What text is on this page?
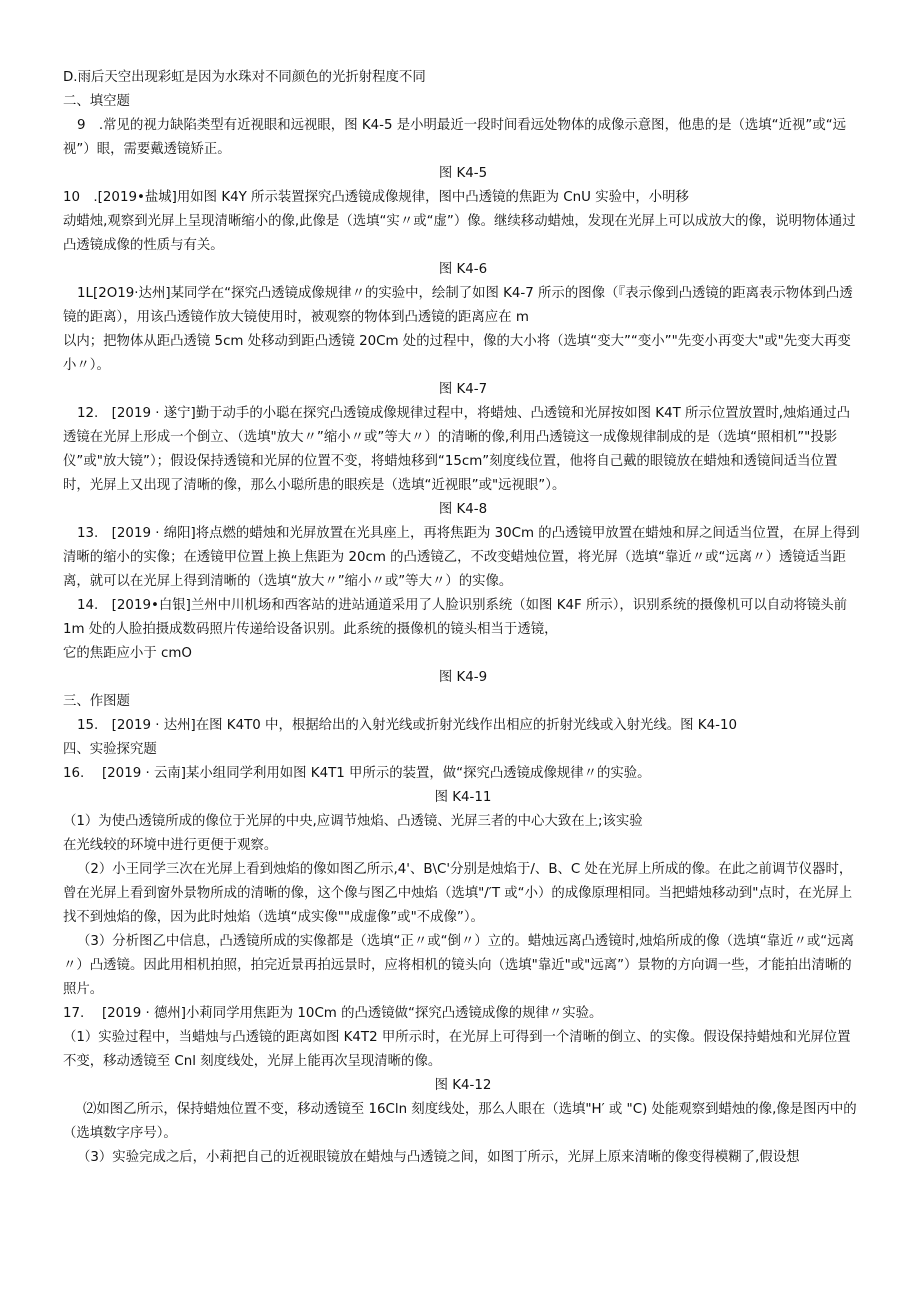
D.雨后天空出现彩虹是因为水珠对不同颜色的光折射程度不同

二、填空题

9　.常见的视力缺陷类型有近视眼和远视眼，图 K4-5 是小明最近一段时间看远处物体的成像示意图，他患的是（选填“近视”或“远视”）眼，需要戴透镜矫正。

图 K4-5

10　.[2019•盐城]用如图 K4Y 所示装置探究凸透镜成像规律，图中凸透镜的焦距为 CnU 实验中，小明移

动蜡烛,观察到光屏上呈现清晰缩小的像,此像是（选填“实〃或“虚”）像。继续移动蜡烛，发现在光屏上可以成放大的像，说明物体通过凸透镜成像的性质与有关。

图 K4-6

1L[2O19·达州]某同学在“探究凸透镜成像规律〃的实验中，绘制了如图 K4-7 所示的图像（『表示像到凸透镜的距离表示物体到凸透镜的距离），用该凸透镜作放大镜使用时，被观察的物体到凸透镜的距离应在 m

以内；把物体从距凸透镜 5cm 处移动到距凸透镜 20Cm 处的过程中，像的大小将（选填“变大”“变小”"先变小再变大"或"先变大再变小〃）。

图 K4-7

12.　[2019 · 遂宁]勤于动手的小聪在探究凸透镜成像规律过程中，将蜡烛、凸透镜和光屏按如图 K4T 所示位置放置时,烛焰通过凸透镜在光屏上形成一个倒立、（选填"放大〃”缩小〃或”等大〃）的清晰的像,利用凸透镜这一成像规律制成的是（选填“照相机”"投影仪”或"放大镜”）；假设保持透镜和光屏的位置不变，将蜡烛移到“15cm”刻度线位置，他将自己戴的眼镜放在蜡烛和透镜间适当位置时，光屏上又出现了清晰的像，那么小聪所患的眼疾是（选填“近视眼”或"远视眼”）。

图 K4-8

13.　[2019 · 绵阳]将点燃的蜡烛和光屏放置在光具座上，再将焦距为 30Cm 的凸透镜甲放置在蜡烛和屏之间适当位置，在屏上得到清晰的缩小的实像；在透镜甲位置上换上焦距为 20cm 的凸透镜乙，不改变蜡烛位置，将光屏（选填“靠近〃或“远离〃）透镜适当距离，就可以在光屏上得到清晰的（选填“放大〃”缩小〃或”等大〃）的实像。

14.　[2019•白银]兰州中川机场和西客站的进站通道采用了人脸识别系统（如图 K4F 所示），识别系统的摄像机可以自动将镜头前 1m 处的人脸拍摄成数码照片传递给设备识别。此系统的摄像机的镜头相当于透镜，

它的焦距应小于 cmO

图 K4-9

三、作图题

15.　[2019 · 达州]在图 K4T0 中，根据给出的入射光线或折射光线作出相应的折射光线或入射光线。图 K4-10

四、实验探究题

16.　 [2019 · 云南]某小组同学利用如图 K4T1 甲所示的装置，做“探究凸透镜成像规律〃的实验。

图 K4-11

（1）为使凸透镜所成的像位于光屏的中央,应调节烛焰、凸透镜、光屏三者的中心大致在上;该实验

在光线较的环境中进行更便于观察。

（2）小王同学三次在光屏上看到烛焰的像如图乙所示,4'、B\C'分别是烛焰于/、B、C 处在光屏上所成的像。在此之前调节仪器时，曾在光屏上看到窗外景物所成的清晰的像，这个像与图乙中烛焰（选填"/′T 或“小）的成像原理相同。当把蜡烛移动到"点时，在光屏上找不到烛焰的像，因为此时烛焰（选填“成实像""成虚像”或"不成像”）。

（3）分析图乙中信息，凸透镜所成的实像都是（选填“正〃或“倒〃）立的。蜡烛远离凸透镜时,烛焰所成的像（选填“靠近〃或“远离〃）凸透镜。因此用相机拍照，拍完近景再拍远景时，应将相机的镜头向（选填"靠近"或"远离”）景物的方向调一些，才能拍出清晰的照片。

17.　 [2019 · 德州]小莉同学用焦距为 10Cm 的凸透镜做“探究凸透镜成像的规律〃实验。

（1）实验过程中，当蜡烛与凸透镜的距离如图 K4T2 甲所示时，在光屏上可得到一个清晰的倒立、的实像。假设保持蜡烛和光屏位置不变，移动透镜至 Cnl 刻度线处，光屏上能再次呈现清晰的像。

图 K4-12

⑵如图乙所示，保持蜡烛位置不变，移动透镜至 16Cln 刻度线处，那么人眼在（选填"H′ 或 "C) 处能观察到蜡烛的像,像是图丙中的（选填数字序号）。

（3）实验完成之后，小莉把自己的近视眼镜放在蜡烛与凸透镜之间，如图丁所示，光屏上原来清晰的像变得模糊了,假设想
